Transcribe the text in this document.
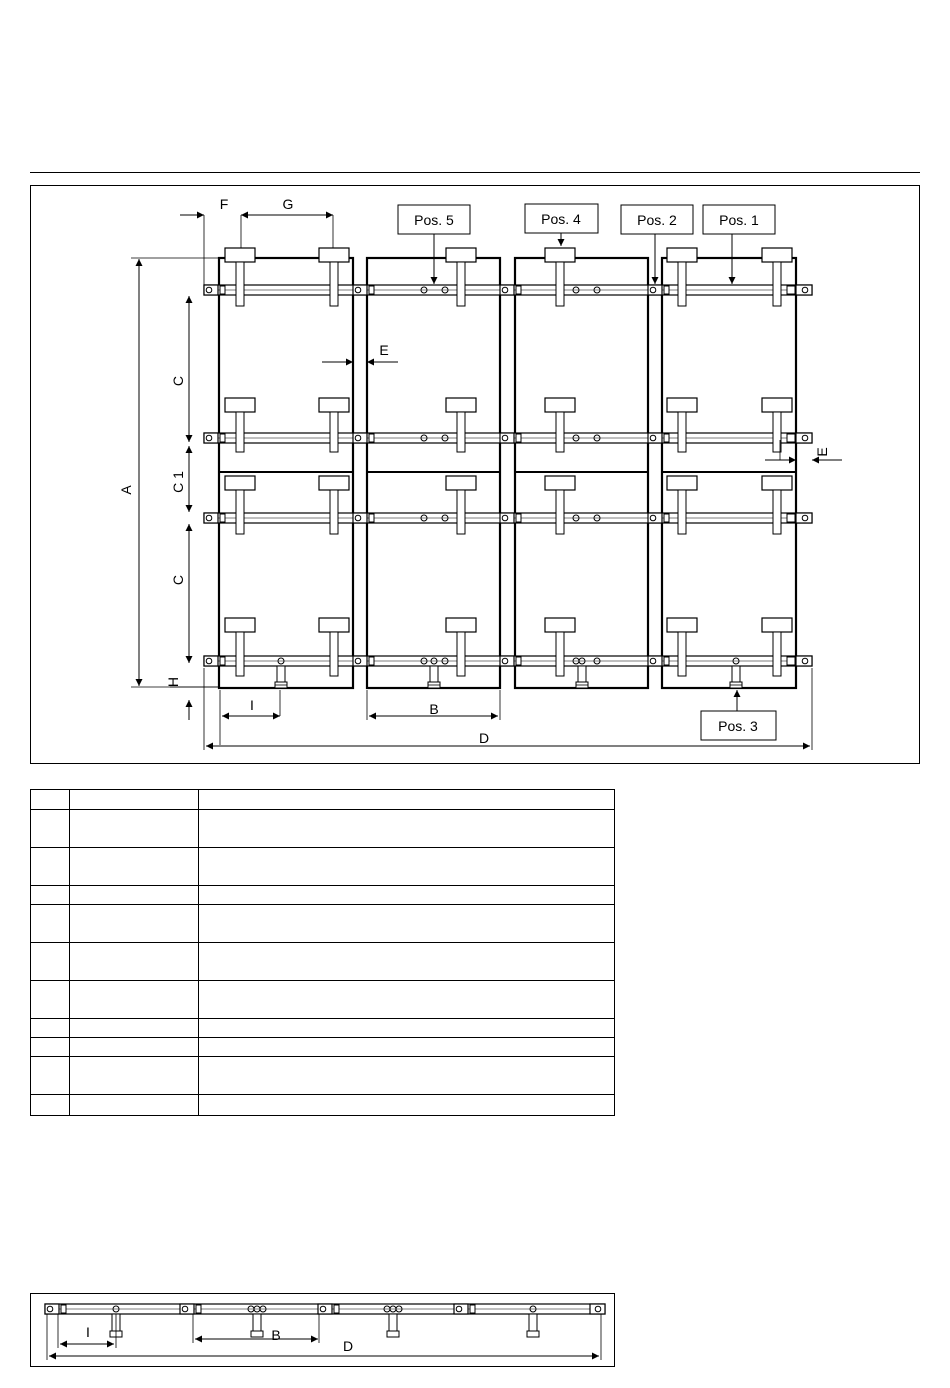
A
C
C 1
C
H
F	G
E
E
I	B
D
Pos. 5	Pos. 4	Pos. 2	Pos. 1
Pos. 3

I	B
D
